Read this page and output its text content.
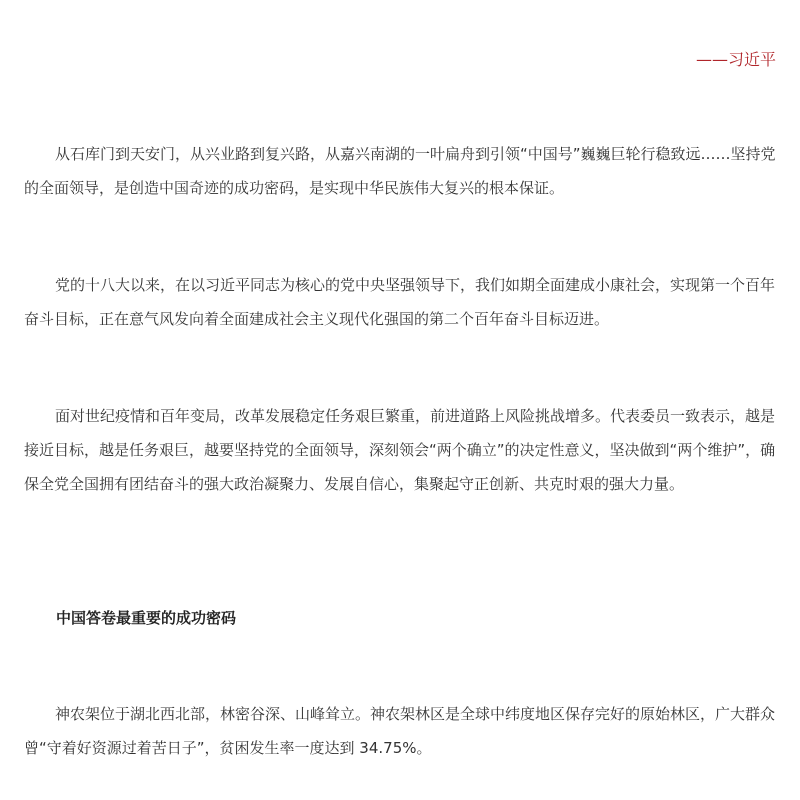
——习近平

从石库门到天安门，从兴业路到复兴路，从嘉兴南湖的一叶扁舟到引领“中国号”巍巍巨轮行稳致远……坚持党的全面领导，是创造中国奇迹的成功密码，是实现中华民族伟大复兴的根本保证。

党的十八大以来，在以习近平同志为核心的党中央坚强领导下，我们如期全面建成小康社会，实现第一个百年奋斗目标，正在意气风发向着全面建成社会主义现代化强国的第二个百年奋斗目标迈进。

面对世纪疫情和百年变局，改革发展稳定任务艰巨繁重，前进道路上风险挑战增多。代表委员一致表示，越是接近目标，越是任务艰巨，越要坚持党的全面领导，深刻领会“两个确立”的决定性意义，坚决做到“两个维护”，确保全党全国拥有团结奋斗的强大政治凝聚力、发展自信心，集聚起守正创新、共克时艰的强大力量。

中国答卷最重要的成功密码

神农架位于湖北西北部，林密谷深、山峰耸立。神农架林区是全球中纬度地区保存完好的原始林区，广大群众曾“守着好资源过着苦日子”，贫困发生率一度达到 34.75%。
